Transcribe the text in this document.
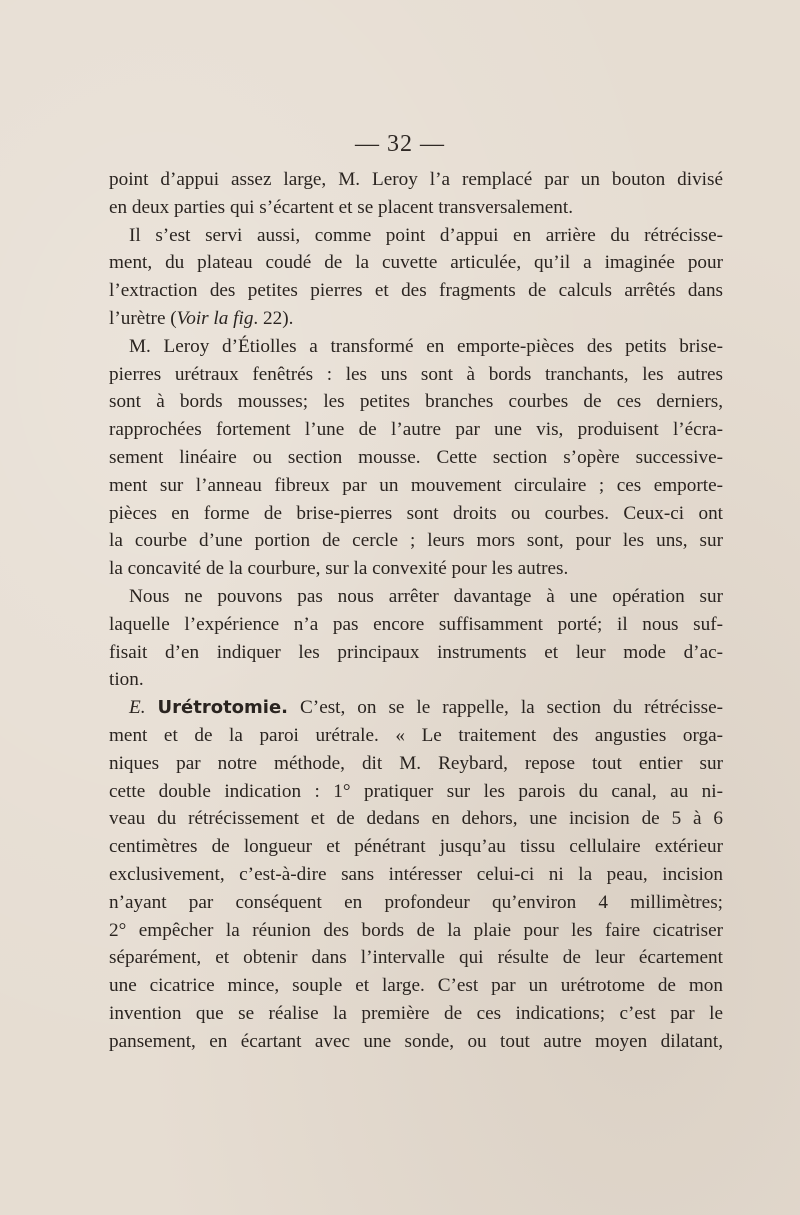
— 32 —
point d’appui assez large, M. Leroy l’a remplacé par un bouton divisé
en deux parties qui s’écartent et se placent transversalement.
Il s’est servi aussi, comme point d’appui en arrière du rétrécisse-
ment, du plateau coudé de la cuvette articulée, qu’il a imaginée pour
l’extraction des petites pierres et des fragments de calculs arrêtés dans
l’urètre (Voir la fig. 22).
M. Leroy d’Étiolles a transformé en emporte-pièces des petits brise-
pierres urétraux fenêtrés : les uns sont à bords tranchants, les autres
sont à bords mousses; les petites branches courbes de ces derniers,
rapprochées fortement l’une de l’autre par une vis, produisent l’écra-
sement linéaire ou section mousse. Cette section s’opère successive-
ment sur l’anneau fibreux par un mouvement circulaire ; ces emporte-
pièces en forme de brise-pierres sont droits ou courbes. Ceux-ci ont
la courbe d’une portion de cercle ; leurs mors sont, pour les uns, sur
la concavité de la courbure, sur la convexité pour les autres.
Nous ne pouvons pas nous arrêter davantage à une opération sur
laquelle l’expérience n’a pas encore suffisamment porté; il nous suf-
fisait d’en indiquer les principaux instruments et leur mode d’ac-
tion.
E. Urétrotomie. C’est, on se le rappelle, la section du rétrécisse-
ment et de la paroi urétrale. « Le traitement des angusties orga-
niques par notre méthode, dit M. Reybard, repose tout entier sur
cette double indication : 1° pratiquer sur les parois du canal, au ni-
veau du rétrécissement et de dedans en dehors, une incision de 5 à 6
centimètres de longueur et pénétrant jusqu’au tissu cellulaire extérieur
exclusivement, c’est-à-dire sans intéresser celui-ci ni la peau, incision
n’ayant par conséquent en profondeur qu’environ 4 millimètres;
2° empêcher la réunion des bords de la plaie pour les faire cicatriser
séparément, et obtenir dans l’intervalle qui résulte de leur écartement
une cicatrice mince, souple et large. C’est par un urétrotome de mon
invention que se réalise la première de ces indications; c’est par le
pansement, en écartant avec une sonde, ou tout autre moyen dilatant,
